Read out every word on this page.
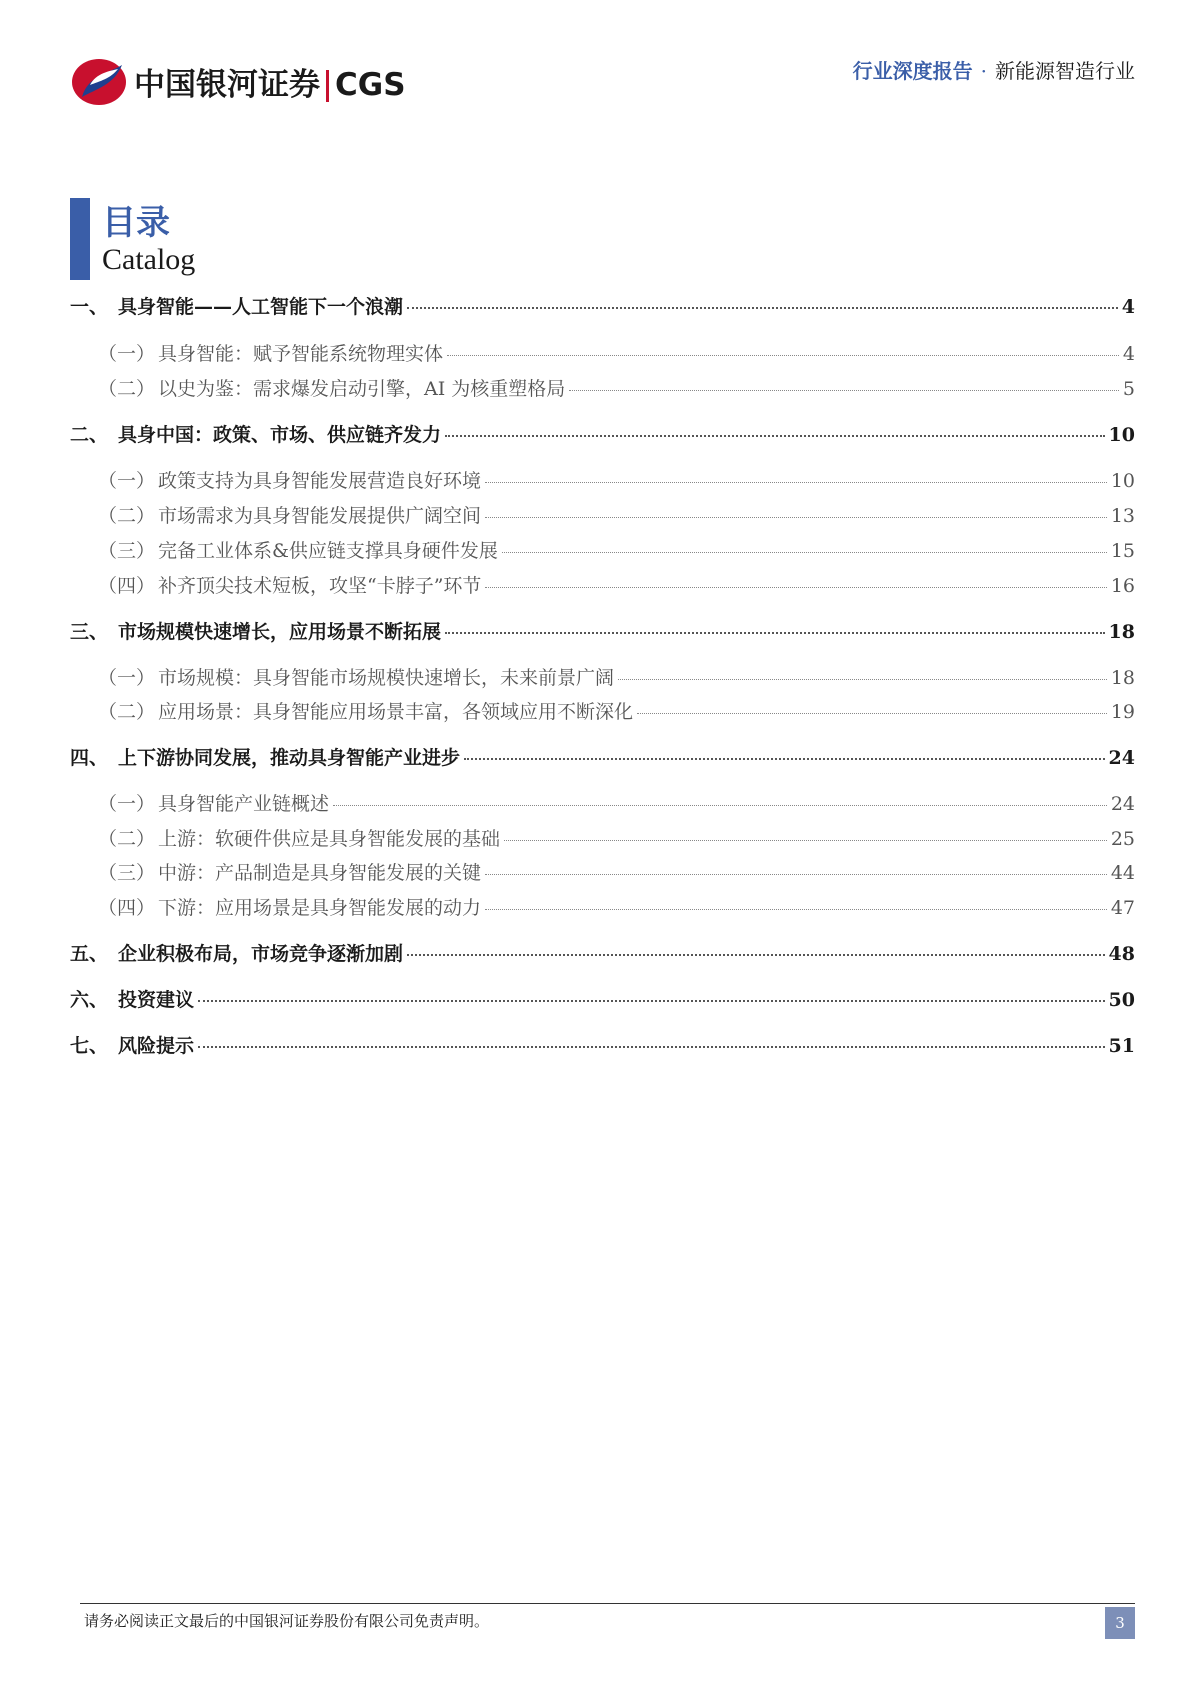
中国银河证券 CGS	行业深度报告 · 新能源智造行业
目录
Catalog
一、 具身智能——人工智能下一个浪潮	4
（一） 具身智能：赋予智能系统物理实体	4
（二） 以史为鉴：需求爆发启动引擎，AI 为核重塑格局	5
二、 具身中国：政策、市场、供应链齐发力	10
（一） 政策支持为具身智能发展营造良好环境	10
（二） 市场需求为具身智能发展提供广阔空间	13
（三） 完备工业体系&供应链支撑具身硬件发展	15
（四） 补齐顶尖技术短板，攻坚“卡脖子”环节	16
三、 市场规模快速增长，应用场景不断拓展	18
（一） 市场规模：具身智能市场规模快速增长，未来前景广阔	18
（二） 应用场景：具身智能应用场景丰富，各领域应用不断深化	19
四、 上下游协同发展，推动具身智能产业进步	24
（一） 具身智能产业链概述	24
（二） 上游：软硬件供应是具身智能发展的基础	25
（三） 中游：产品制造是具身智能发展的关键	44
（四） 下游：应用场景是具身智能发展的动力	47
五、 企业积极布局，市场竞争逐渐加剧	48
六、 投资建议	50
七、 风险提示	51
请务必阅读正文最后的中国银河证券股份有限公司免责声明。	3
